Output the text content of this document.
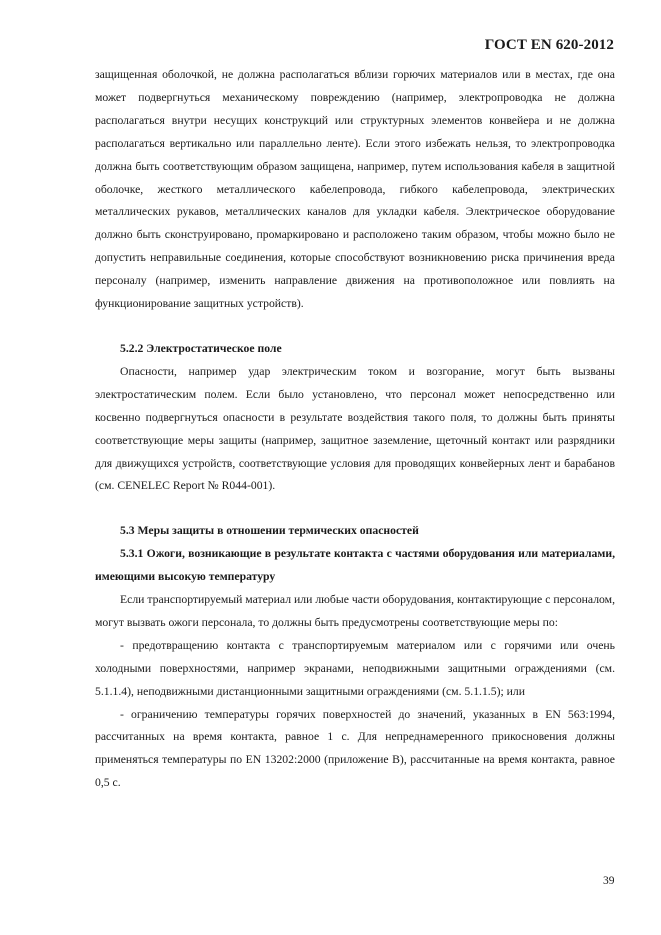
ГОСТ EN 620-2012

защищенная оболочкой, не должна располагаться вблизи горючих материалов или в местах, где она может подвергнуться механическому повреждению (например, электропроводка не должна располагаться внутри несущих конструкций или структурных элементов конвейера и не должна располагаться вертикально или параллельно ленте). Если этого избежать нельзя, то электропроводка должна быть соответствующим образом защищена, например, путем использования кабеля в защитной оболочке, жесткого металлического кабелепровода, гибкого кабелепровода, электрических металлических рукавов, металлических каналов для укладки кабеля. Электрическое оборудование должно быть сконструировано, промаркировано и расположено таким образом, чтобы можно было не допустить неправильные соединения, которые способствуют возникновению риска причинения вреда персоналу (например, изменить направление движения на противоположное или повлиять на функционирование защитных устройств).

5.2.2 Электростатическое поле

Опасности, например удар электрическим током и возгорание, могут быть вызваны электростатическим полем. Если было установлено, что персонал может непосредственно или косвенно подвергнуться опасности в результате воздействия такого поля, то должны быть приняты соответствующие меры защиты (например, защитное заземление, щеточный контакт или разрядники для движущихся устройств, соответствующие условия для проводящих конвейерных лент и барабанов (см. CENELEC Report № R044-001).

5.3 Меры защиты в отношении термических опасностей

5.3.1 Ожоги, возникающие в результате контакта с частями оборудования или материалами, имеющими высокую температуру

Если транспортируемый материал или любые части оборудования, контактирующие с персоналом, могут вызвать ожоги персонала, то должны быть предусмотрены соответствующие меры по:

- предотвращению контакта с транспортируемым материалом или с горячими или очень холодными поверхностями, например экранами, неподвижными защитными ограждениями (см. 5.1.1.4), неподвижными дистанционными защитными ограждениями (см. 5.1.1.5); или

- ограничению температуры горячих поверхностей до значений, указанных в EN 563:1994, рассчитанных на время контакта, равное 1 с. Для непреднамеренного прикосновения должны применяться температуры по EN 13202:2000 (приложение В), рассчитанные на время контакта, равное 0,5 с.

39
